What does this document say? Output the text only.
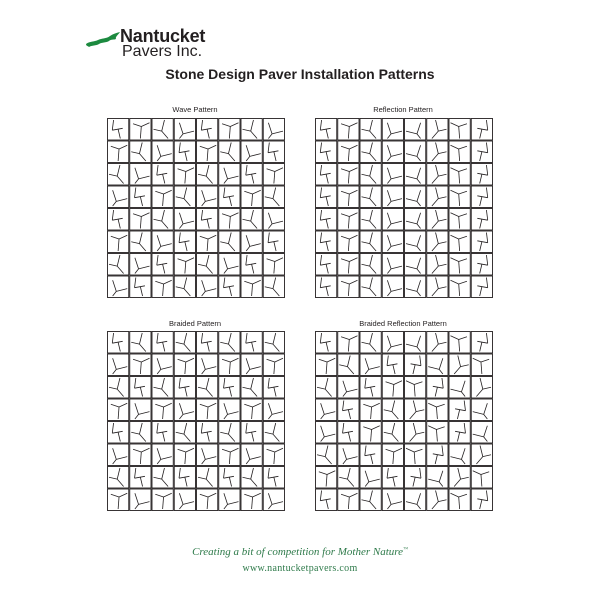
Nantucket
Pavers Inc.
Stone Design Paver Installation Patterns
Wave Pattern	Reflection Pattern
Braided Pattern	Braided Reflection Pattern
Creating a bit of competition for Mother Nature™
www.nantucketpavers.com
